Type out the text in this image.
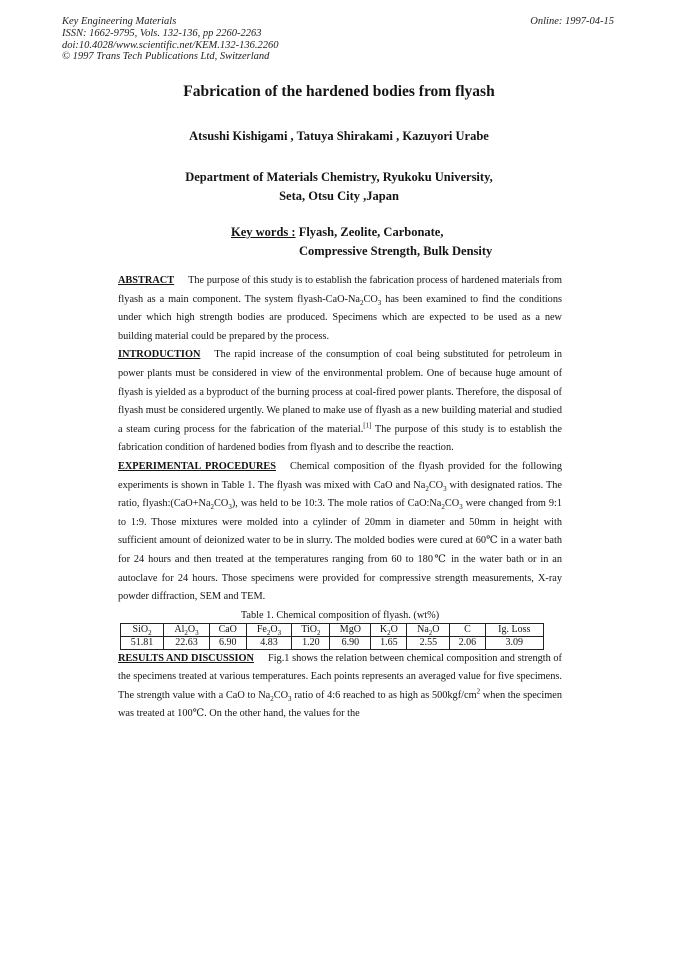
Key Engineering Materials
ISSN: 1662-9795, Vols. 132-136, pp 2260-2263
doi:10.4028/www.scientific.net/KEM.132-136.2260
© 1997 Trans Tech Publications Ltd, Switzerland
Online: 1997-04-15
Fabrication of the hardened bodies from flyash
Atsushi Kishigami , Tatuya Shirakami , Kazuyori Urabe
Department of Materials Chemistry, Ryukoku University,
Seta, Otsu City ,Japan
Key words : Flyash, Zeolite, Carbonate,
Compressive Strength, Bulk Density

ABSTRACT The purpose of this study is to establish the fabrication process of hardened materials from flyash as a main component. The system flyash-$CaO-Na_2CO_3$ has been examined to find the conditions under which high strength bodies are produced. Specimens which are expected to be used as a new building material could be prepared by the process.

INTRODUCTION The rapid increase of the consumption of coal being substituted for petroleum in power plants must be considered in view of the environmental problem. One of because huge amount of flyash is yielded as a byproduct of the burning process at coal-fired power plants. Therefore, the disposal of flyash must be considered urgently. We planed to make use of flyash as a new building material and studied a steam curing process for the fabrication of the material.[1] The purpose of this study is to establish the fabrication condition of hardened bodies from flyash and to describe the reaction.

EXPERIMENTAL PROCEDURES Chemical composition of the flyash provided for the following experiments is shown in Table 1. The flyash was mixed with CaO and $Na_2CO_3$ with designated ratios. The ratio, $flyash:(CaO+Na_2CO_3)$, was held to be 10:3. The mole ratios of $CaO:Na_2CO_3$ were changed from 9:1 to 1:9. Those mixtures were molded into a cylinder of 20mm in diameter and 50mm in height with sufficient amount of deionized water to be in slurry. The molded bodies were cured at 60℃ in a water bath for 24 hours and then treated at the temperatures ranging from 60 to 180℃ in the water bath or in an autoclave for 24 hours. Those specimens were provided for compressive strength measurements, X-ray powder diffraction, SEM and TEM.

Table 1. Chemical composition of flyash. (wt%)
SiO$_2$	$Al_2O_3$	CaO	$Fe_2O_3$	TiO$_2$	MgO	$K_2O$	$Na_2O$	C	Ig. Loss
51.81	22.63	6.90	4.83	1.20	6.90	1.65	2.55	2.06	3.09

RESULTS AND DISCUSSION Fig.1 shows the relation between chemical composition and strength of the specimens treated at various temperatures. Each points represents an averaged value for five specimens. The strength value with a CaO to $Na_2CO_3$ ratio of 4:6 reached to as high as $500kgf/cm^2$ when the specimen was treated at 100℃. On the other hand, the values for the
